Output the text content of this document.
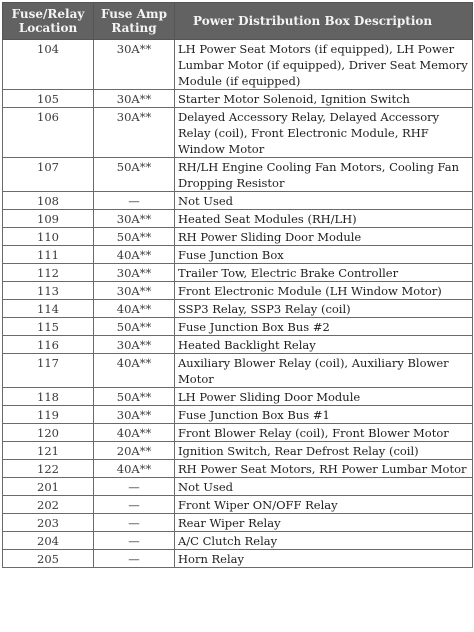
Fuse/Relay Location	Fuse Amp Rating	Power Distribution Box Description
104	30A**	LH Power Seat Motors (if equipped), LH Power Lumbar Motor (if equipped), Driver Seat Memory Module (if equipped)
105	30A**	Starter Motor Solenoid, Ignition Switch
106	30A**	Delayed Accessory Relay, Delayed Accessory Relay (coil), Front Electronic Module, RHF Window Motor
107	50A**	RH/LH Engine Cooling Fan Motors, Cooling Fan Dropping Resistor
108	—	Not Used
109	30A**	Heated Seat Modules (RH/LH)
110	50A**	RH Power Sliding Door Module
111	40A**	Fuse Junction Box
112	30A**	Trailer Tow, Electric Brake Controller
113	30A**	Front Electronic Module (LH Window Motor)
114	40A**	SSP3 Relay, SSP3 Relay (coil)
115	50A**	Fuse Junction Box Bus #2
116	30A**	Heated Backlight Relay
117	40A**	Auxiliary Blower Relay (coil), Auxiliary Blower Motor
118	50A**	LH Power Sliding Door Module
119	30A**	Fuse Junction Box Bus #1
120	40A**	Front Blower Relay (coil), Front Blower Motor
121	20A**	Ignition Switch, Rear Defrost Relay (coil)
122	40A**	RH Power Seat Motors, RH Power Lumbar Motor
201	—	Not Used
202	—	Front Wiper ON/OFF Relay
203	—	Rear Wiper Relay
204	—	A/C Clutch Relay
205	—	Horn Relay
